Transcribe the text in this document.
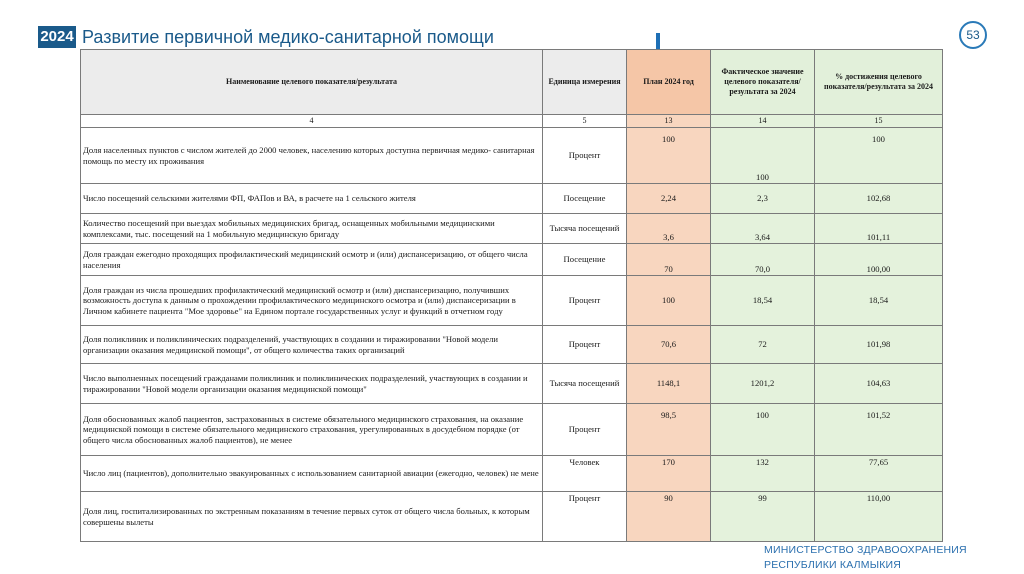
2024 Развитие первичной медико-санитарной помощи	53
Наименование целевого показателя/результата	Единица измерения	План 2024 год	Фактическое значение целевого показателя/результата за 2024	% достижения целевого показателя/результата за 2024
4	5	13	14	15
Доля населенных пунктов с числом жителей до 2000 человек, населению которых доступна первичная медико- санитарная помощь по месту их проживания	Процент	100	100	100
Число посещений сельскими жителями ФП, ФАПов и ВА, в расчете на 1 сельского жителя	Посещение	2,24	2,3	102,68
Количество посещений при выездах мобильных медицинских бригад, оснащенных мобильными медицинскими комплексами, тыс. посещений на 1 мобильную медицинскую бригаду	Тысяча посещений	3,6	3,64	101,11
Доля граждан ежегодно проходящих профилактический медицинский осмотр и (или) диспансеризацию, от общего числа населения	Посещение	70	70,0	100,00
Доля граждан из числа прошедших профилактический медицинский осмотр и (или) диспансеризацию, получивших возможность доступа к данным о прохождении профилактического медицинского осмотра и (или) диспансеризации в Личном кабинете пациента "Мое здоровье" на Едином портале государственных услуг и функций в отчетном году	Процент	100	18,54	18,54
Доля поликлиник и поликлинических подразделений, участвующих в создании и тиражировании "Новой модели организации оказания медицинской помощи", от общего количества таких организаций	Процент	70,6	72	101,98
Число выполненных посещений гражданами поликлиник и поликлинических подразделений, участвующих в создании и тиражировании "Новой модели организации оказания медицинской помощи"	Тысяча посещений	1148,1	1201,2	104,63
Доля обоснованных жалоб пациентов, застрахованных в системе обязательного медицинского страхования, на оказание медицинской помощи в системе обязательного медицинского страхования, урегулированных в досудебном порядке (от общего числа обоснованных жалоб пациентов), не менее	Процент	98,5	100	101,52
Число лиц (пациентов), дополнительно эвакуированных с использованием санитарной авиации (ежегодно, человек) не мене	Человек	170	132	77,65
Доля лиц, госпитализированных по экстренным показаниям в течение первых суток от общего числа больных, к которым совершены вылеты	Процент	90	99	110,00
МИНИСТЕРСТВО ЗДРАВООХРАНЕНИЯ
РЕСПУБЛИКИ КАЛМЫКИЯ
